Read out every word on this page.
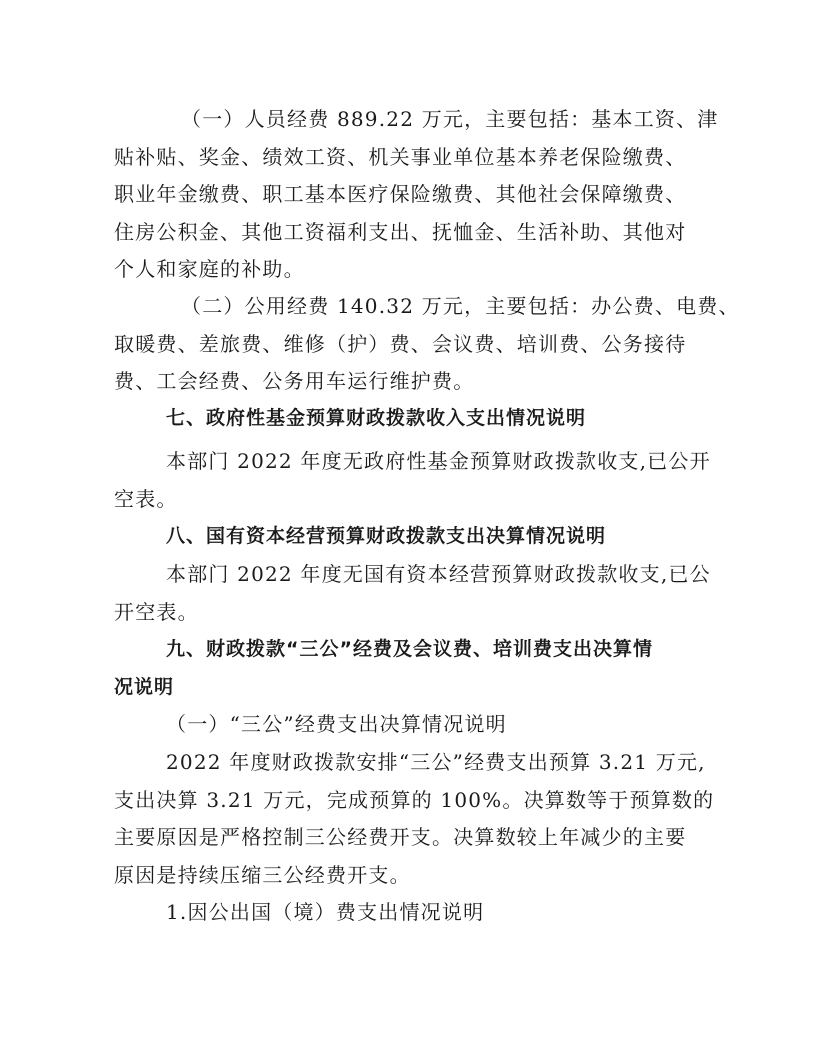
（一）人员经费 889.22 万元，主要包括：基本工资、津
贴补贴、奖金、绩效工资、机关事业单位基本养老保险缴费、
职业年金缴费、职工基本医疗保险缴费、其他社会保障缴费、
住房公积金、其他工资福利支出、抚恤金、生活补助、其他对
个人和家庭的补助。
（二）公用经费 140.32 万元，主要包括：办公费、电费、
取暖费、差旅费、维修（护）费、会议费、培训费、公务接待
费、工会经费、公务用车运行维护费。
七、政府性基金预算财政拨款收入支出情况说明
本部门 2022 年度无政府性基金预算财政拨款收支,已公开
空表。
八、国有资本经营预算财政拨款支出决算情况说明
本部门 2022 年度无国有资本经营预算财政拨款收支,已公
开空表。
九、财政拨款“三公”经费及会议费、培训费支出决算情
况说明
（一）“三公”经费支出决算情况说明
2022 年度财政拨款安排“三公”经费支出预算 3.21 万元,
支出决算 3.21 万元，完成预算的 100%。决算数等于预算数的
主要原因是严格控制三公经费开支。决算数较上年减少的主要
原因是持续压缩三公经费开支。
1.因公出国（境）费支出情况说明
